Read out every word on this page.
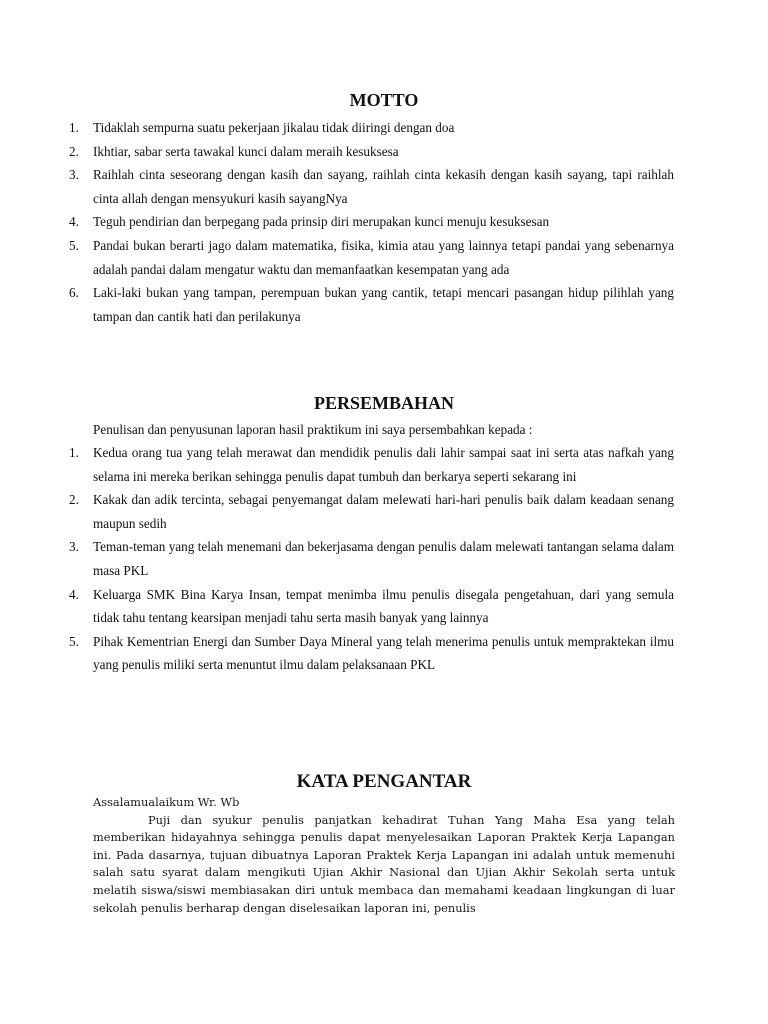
MOTTO
1. Tidaklah sempurna suatu pekerjaan jikalau tidak diiringi dengan doa
2. Ikhtiar, sabar serta tawakal kunci dalam meraih kesuksesa
3. Raihlah cinta seseorang dengan kasih dan sayang, raihlah cinta kekasih dengan kasih sayang, tapi raihlah cinta allah dengan mensyukuri kasih sayangNya
4. Teguh pendirian dan berpegang pada prinsip diri merupakan kunci menuju kesuksesan
5. Pandai bukan berarti jago dalam matematika, fisika, kimia atau yang lainnya tetapi pandai yang sebenarnya adalah pandai dalam mengatur waktu dan memanfaatkan kesempatan yang ada
6. Laki-laki bukan yang tampan, perempuan bukan yang cantik, tetapi mencari pasangan hidup pilihlah yang tampan dan cantik hati dan perilakunya
PERSEMBAHAN

Penulisan dan penyusunan laporan hasil praktikum ini saya persembahkan kepada :

1. Kedua orang tua yang telah merawat dan mendidik penulis dali lahir sampai saat ini serta atas nafkah yang selama ini mereka berikan sehingga penulis dapat tumbuh dan berkarya seperti sekarang ini
2. Kakak dan adik tercinta, sebagai penyemangat dalam melewati hari-hari penulis baik dalam keadaan senang maupun sedih
3. Teman-teman yang telah menemani dan bekerjasama dengan penulis dalam melewati tantangan selama dalam masa PKL
4. Keluarga SMK Bina Karya Insan, tempat menimba ilmu penulis disegala pengetahuan, dari yang semula tidak tahu tentang kearsipan menjadi tahu serta masih banyak yang lainnya
5. Pihak Kementrian Energi dan Sumber Daya Mineral yang telah menerima penulis untuk mempraktekan ilmu yang penulis miliki serta menuntut ilmu dalam pelaksanaan PKL
KATA PENGANTAR
Assalamualaikum Wr. Wb

Puji dan syukur penulis panjatkan kehadirat Tuhan Yang Maha Esa yang telah memberikan hidayahnya sehingga penulis dapat menyelesaikan Laporan Praktek Kerja Lapangan ini. Pada dasarnya, tujuan dibuatnya Laporan Praktek Kerja Lapangan ini adalah untuk memenuhi salah satu syarat dalam mengikuti Ujian Akhir Nasional dan Ujian Akhir Sekolah serta untuk melatih siswa/siswi membiasakan diri untuk membaca dan memahami keadaan lingkungan di luar sekolah penulis berharap dengan diselesaikan laporan ini, penulis
